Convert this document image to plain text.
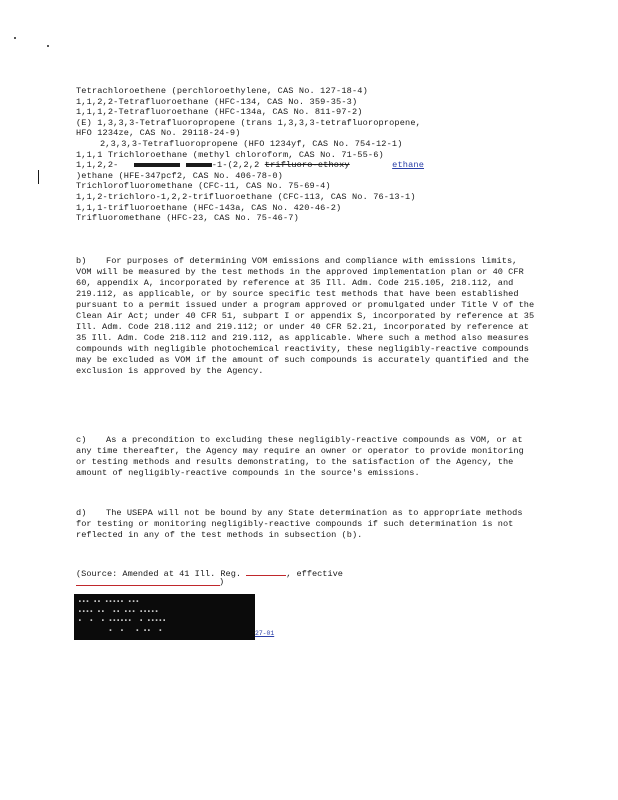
Tetrachloroethene (perchloroethylene, CAS No. 127-18-4)
1,1,2,2-Tetrafluoroethane (HFC-134, CAS No. 359-35-3)
1,1,1,2-Tetrafluoroethane (HFC-134a, CAS No. 811-97-2)
(E) 1,3,3,3-Tetrafluoropropene (trans 1,3,3,3-tetrafluoropropene,
HFO 1234ze, CAS No. 29118-24-9)
2,3,3,3-Tetrafluoropropene (HFO 1234yf, CAS No. 754-12-1)
1,1,1 Trichloroethane (methyl chloroform, CAS No. 71-55-6)
1,1,2,2-	-1-(2,2,2 trifluoro-ethoxy	ethane
)ethane (HFE-347pcf2, CAS No. 406-78-0)
Trichlorofluoromethane (CFC-11, CAS No. 75-69-4)
1,1,2-trichloro-1,2,2-trifluoroethane (CFC-113, CAS No. 76-13-1)
1,1,1-trifluoroethane (HFC-143a, CAS No. 420-46-2)
Trifluoromethane (HFC-23, CAS No. 75-46-7)
b) For purposes of determining VOM emissions and compliance with emissions limits, VOM will be measured by the test methods in the approved implementation plan or 40 CFR 60, appendix A, incorporated by reference at 35 Ill. Adm. Code 215.105, 218.112, and 219.112, as applicable, or by source specific test methods that have been established pursuant to a permit issued under a program approved or promulgated under Title V of the Clean Air Act; under 40 CFR 51, subpart I or appendix S, incorporated by reference at 35 Ill. Adm. Code 218.112 and 219.112; or under 40 CFR 52.21, incorporated by reference at 35 Ill. Adm. Code 218.112 and 219.112, as applicable. Where such a method also measures compounds with negligible photochemical reactivity, these negligibly-reactive compounds may be excluded as VOM if the amount of such compounds is accurately quantified and the exclusion is approved by the Agency.
c) As a precondition to excluding these negligibly-reactive compounds as VOM, or at any time thereafter, the Agency may require an owner or operator to provide monitoring or testing methods and results demonstrating, to the satisfaction of the Agency, the amount of negligibly-reactive compounds in the source's emissions.
d) The USEPA will not be bound by any State determination as to appropriate methods for testing or monitoring negligibly-reactive compounds if such determination is not reflected in any of the test methods in subsection (b).
(Source: Amended at 41 Ill. Reg.	, effective
)
▪▪▪ ▪▪ ▪▪▪▪▪ ▪▪▪
▪▪▪▪ ▪▪  ▪▪ ▪▪▪ ▪▪▪▪▪
▪  ▪  ▪ ▪▪▪▪▪▪  ▪ ▪▪▪▪▪
▪  ▪   ▪ ▪▪  ▪	27-01
